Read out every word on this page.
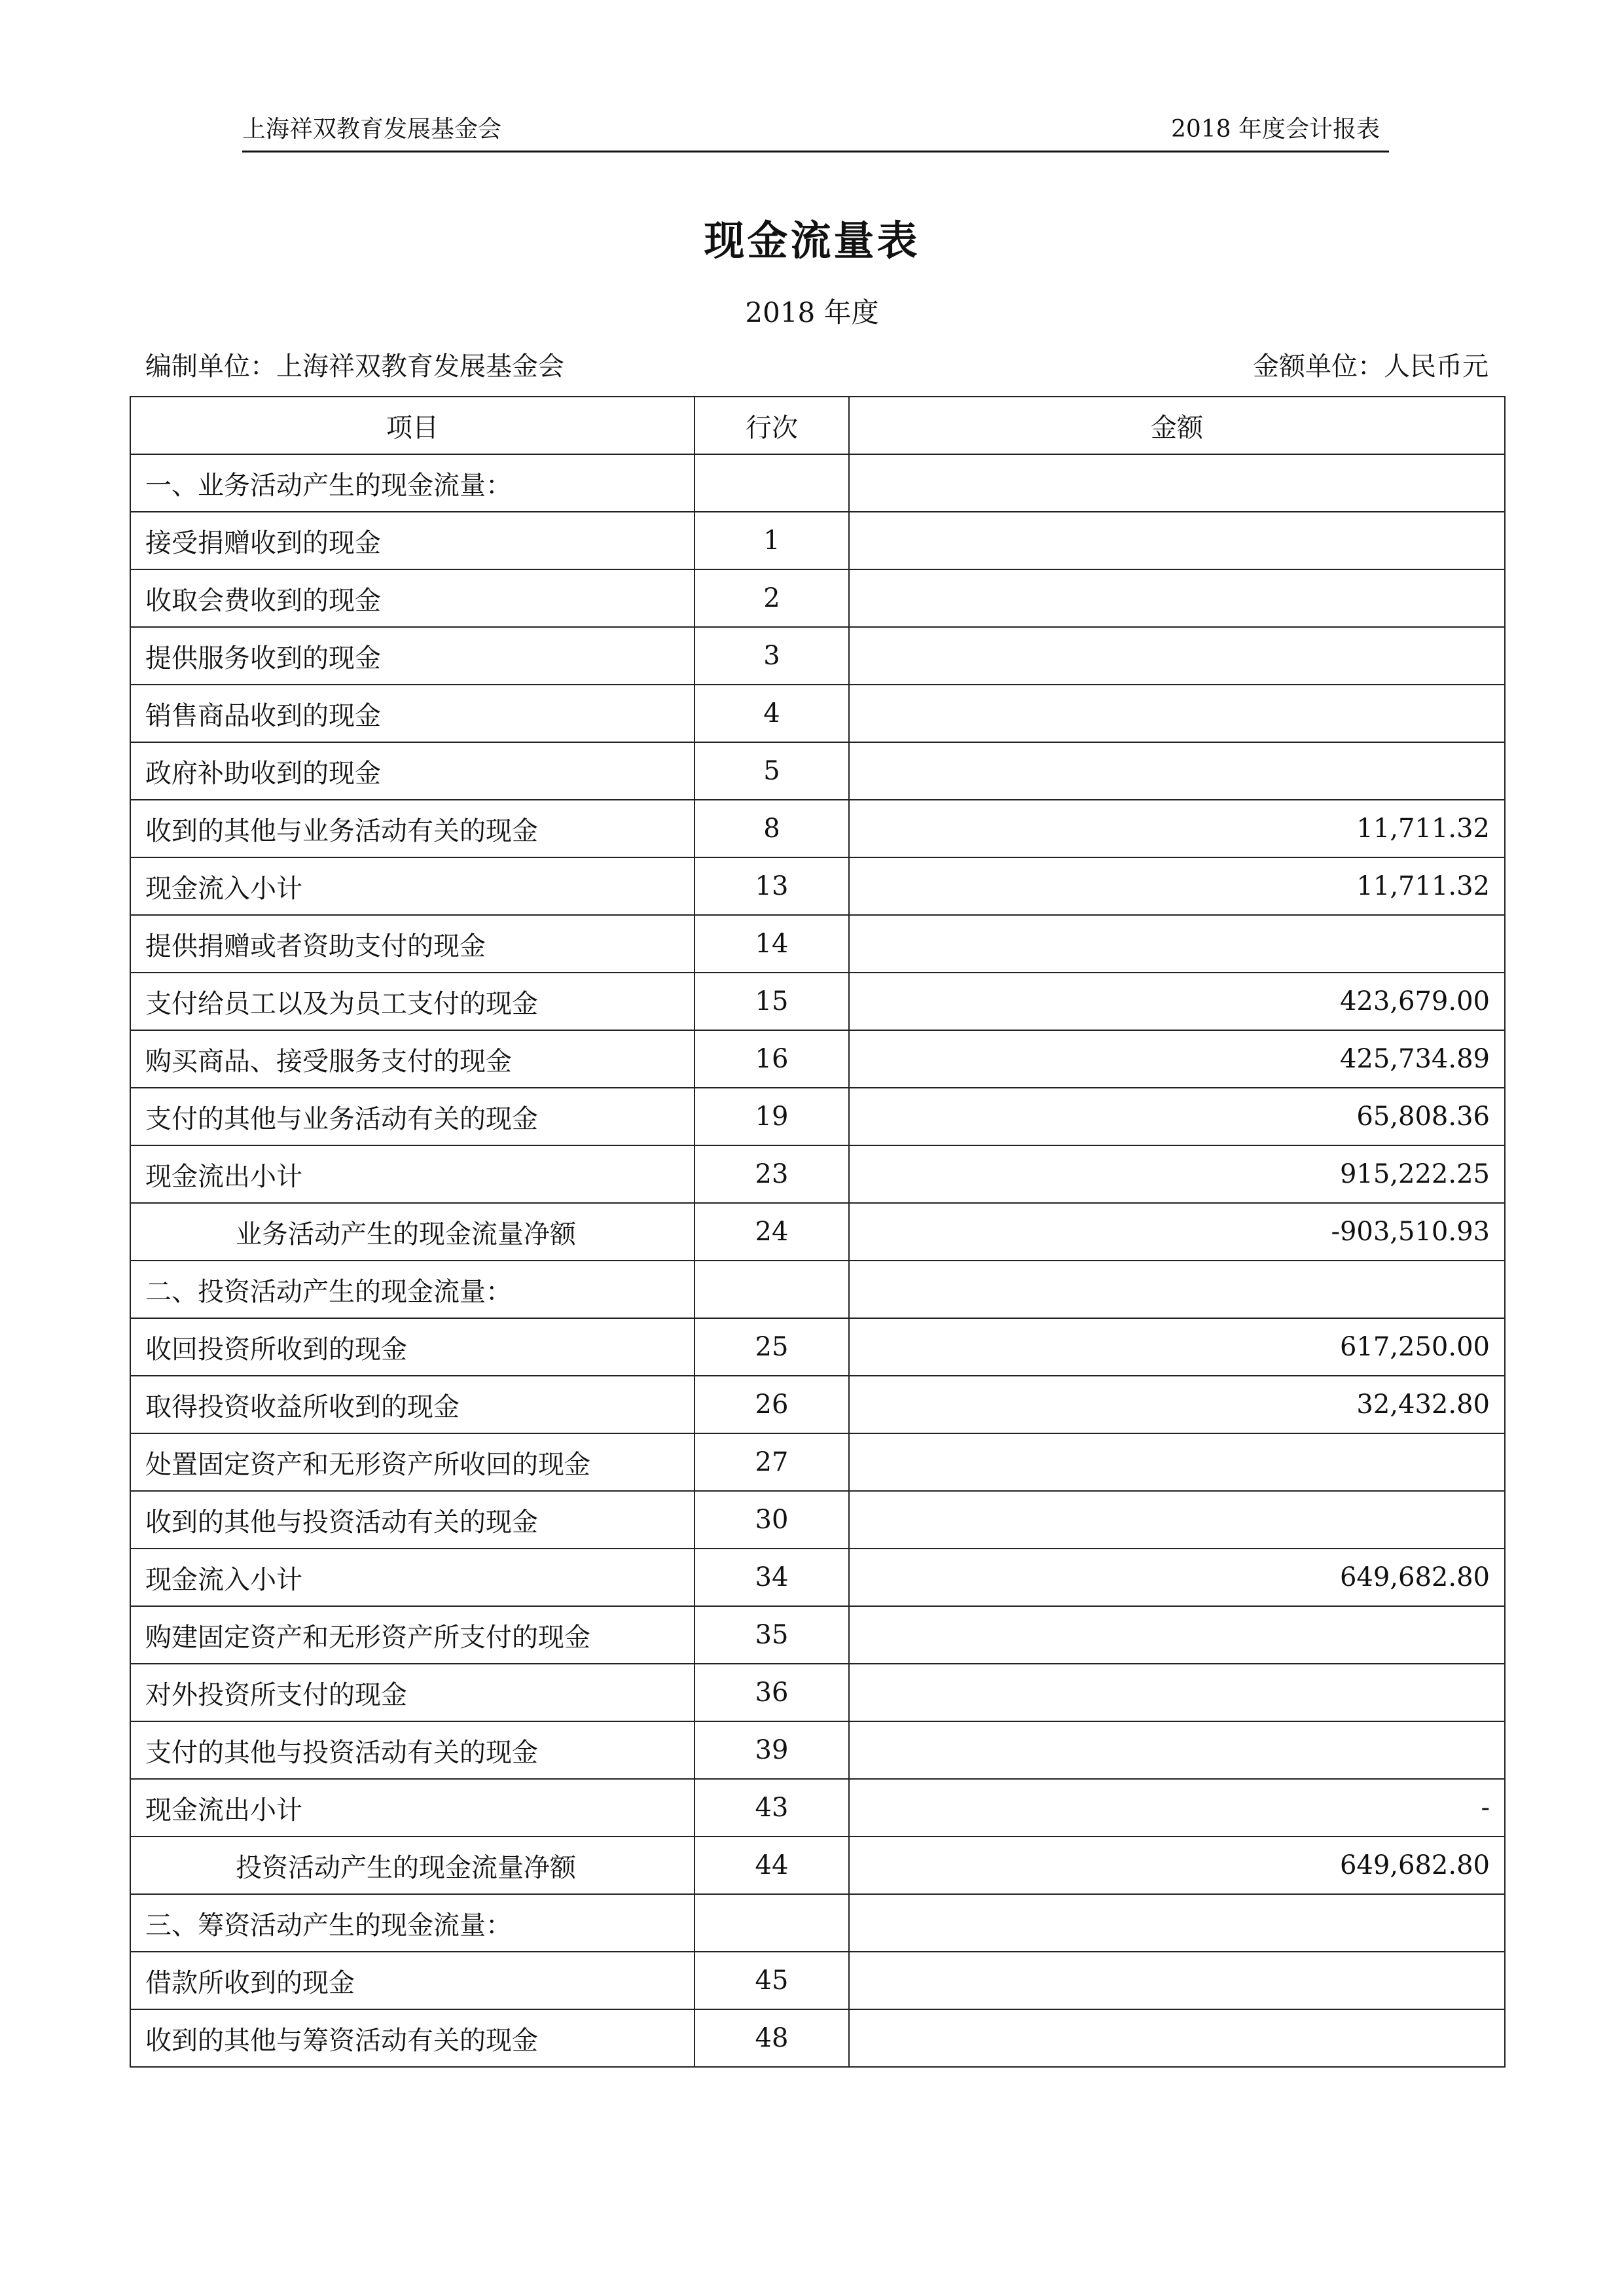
上海祥双教育发展基金会	2018 年度会计报表
现金流量表
2018 年度
编制单位：上海祥双教育发展基金会	金额单位：人民币元
项目	行次	金额
一、业务活动产生的现金流量：		
接受捐赠收到的现金	1	
收取会费收到的现金	2	
提供服务收到的现金	3	
销售商品收到的现金	4	
政府补助收到的现金	5	
收到的其他与业务活动有关的现金	8	11,711.32
现金流入小计	13	11,711.32
提供捐赠或者资助支付的现金	14	
支付给员工以及为员工支付的现金	15	423,679.00
购买商品、接受服务支付的现金	16	425,734.89
支付的其他与业务活动有关的现金	19	65,808.36
现金流出小计	23	915,222.25
业务活动产生的现金流量净额	24	-903,510.93
二、投资活动产生的现金流量：		
收回投资所收到的现金	25	617,250.00
取得投资收益所收到的现金	26	32,432.80
处置固定资产和无形资产所收回的现金	27	
收到的其他与投资活动有关的现金	30	
现金流入小计	34	649,682.80
购建固定资产和无形资产所支付的现金	35	
对外投资所支付的现金	36	
支付的其他与投资活动有关的现金	39	
现金流出小计	43	-
投资活动产生的现金流量净额	44	649,682.80
三、筹资活动产生的现金流量：		
借款所收到的现金	45	
收到的其他与筹资活动有关的现金	48	
